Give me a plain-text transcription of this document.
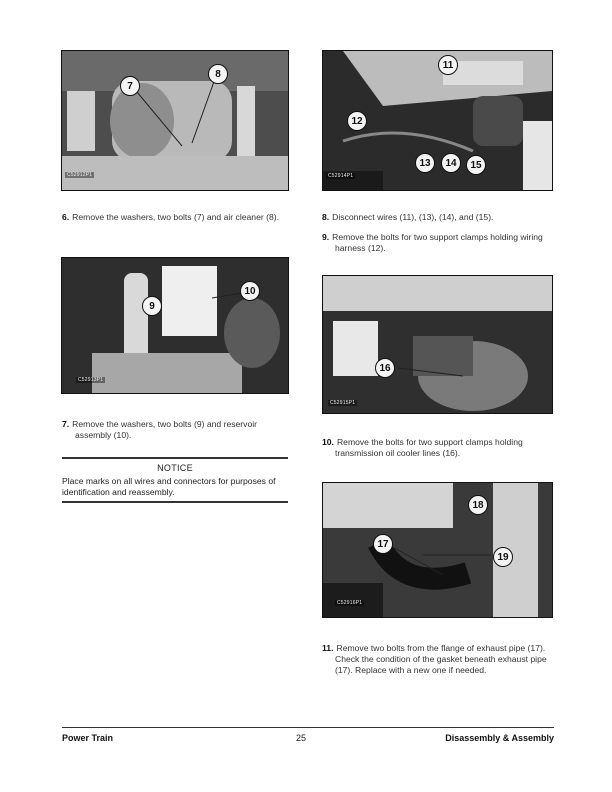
7
8
C52912P1
11
12
13	14	15
C52914P1
9
10
C52913P1
16
C52915P1
18
17
19
C52916P1
6. Remove the washers, two bolts (7) and air cleaner (8).
7. Remove the washers, two bolts (9) and reservoir assembly (10).
8. Disconnect wires (11), (13), (14), and (15).
9. Remove the bolts for two support clamps holding wiring harness (12).
10. Remove the bolts for two support clamps holding transmission oil cooler lines (16).
11. Remove two bolts from the flange of exhaust pipe (17). Check the condition of the gasket beneath exhaust pipe (17). Replace with a new one if needed.
NOTICE
Place marks on all wires and connectors for purposes of identification and reassembly.
Power Train	25	Disassembly & Assembly
